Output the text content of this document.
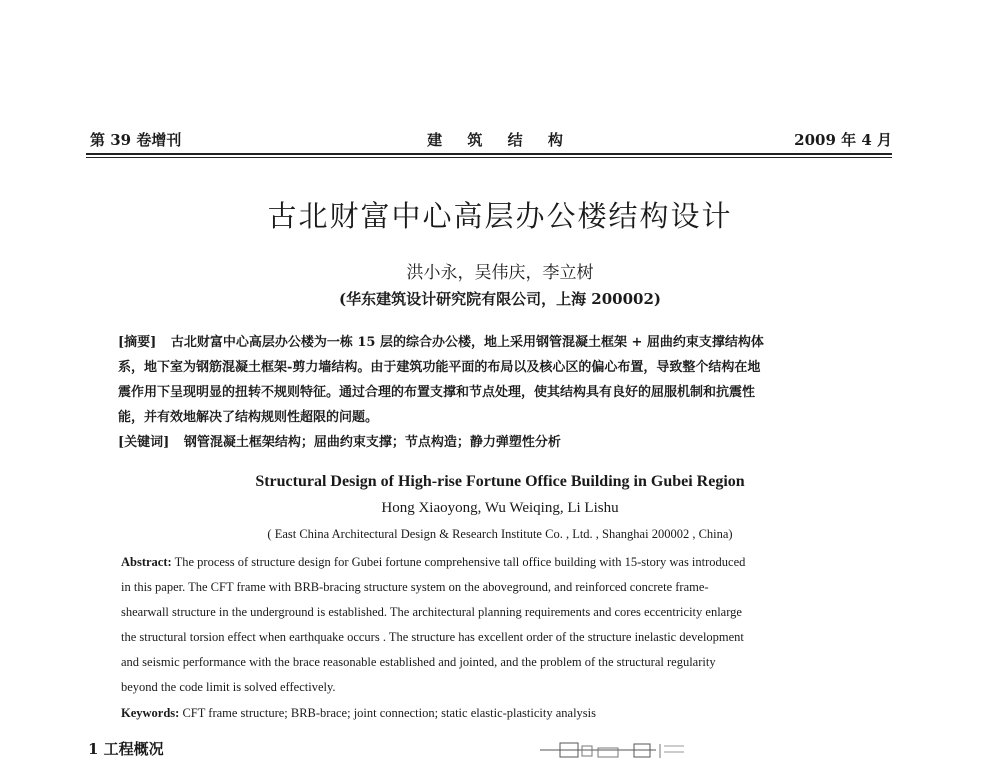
第 39 卷增刊	建 筑 结 构	2009 年 4 月
古北财富中心高层办公楼结构设计
洪小永，吴伟庆，李立树
(华东建筑设计研究院有限公司，上海 200002)
[摘要] 古北财富中心高层办公楼为一栋 15 层的综合办公楼，地上采用钢管混凝土框架 + 屈曲约束支撑结构体
系，地下室为钢筋混凝土框架-剪力墙结构。由于建筑功能平面的布局以及核心区的偏心布置，导致整个结构在地
震作用下呈现明显的扭转不规则特征。通过合理的布置支撑和节点处理，使其结构具有良好的屈服机制和抗震性
能，并有效地解决了结构规则性超限的问题。
[关键词] 钢管混凝土框架结构；屈曲约束支撑；节点构造；静力弹塑性分析
Structural Design of High-rise Fortune Office Building in Gubei Region
Hong Xiaoyong, Wu Weiqing, Li Lishu
( East China Architectural Design & Research Institute Co. , Ltd. , Shanghai 200002 , China)
Abstract: The process of structure design for Gubei fortune comprehensive tall office building with 15-story was introduced
in this paper. The CFT frame with BRB-bracing structure system on the aboveground, and reinforced concrete frame-
shearwall structure in the underground is established. The architectural planning requirements and cores eccentricity enlarge
the structural torsion effect when earthquake occurs . The structure has excellent order of the structure inelastic development
and seismic performance with the brace reasonable established and jointed, and the problem of the structural regularity
beyond the code limit is solved effectively.
Keywords: CFT frame structure; BRB-brace; joint connection; static elastic-plasticity analysis
1 工程概况
